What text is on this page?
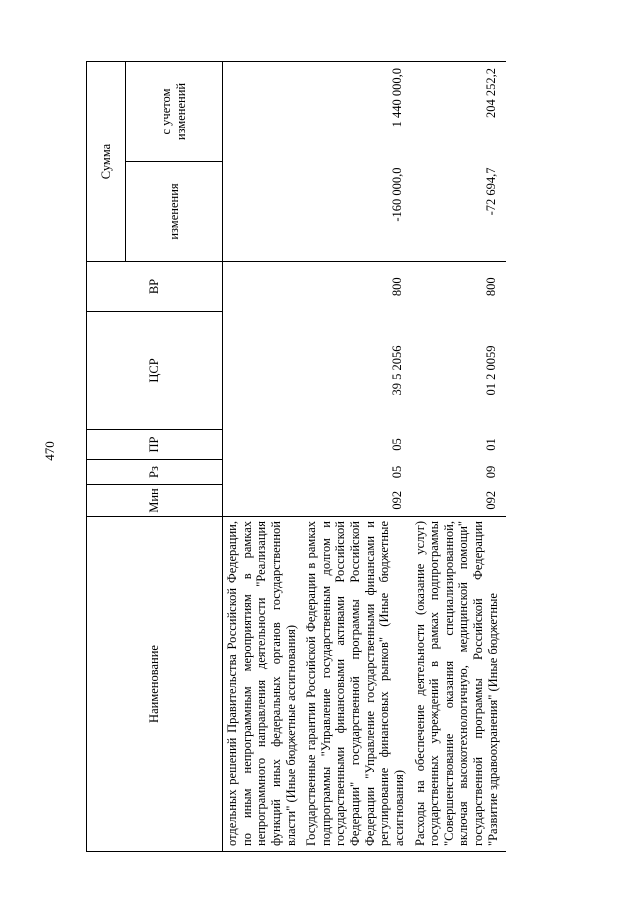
470
Наименование	Мин	Рз	ПР	ЦСР	ВР	Сумма	
						изменения	с учетом изменений
отдельных решений Правительства Российской Федерации, по иным непрограммным мероприятиям в рамках непрограммного направления деятельности "Реализация функций иных федеральных органов государственной власти" (Иные бюджетные ассигнования)							
Государственные гарантии Российской Федерации в рамках подпрограммы "Управление государственным долгом и государственными финансовыми активами Российской Федерации" государственной программы Российской Федерации "Управление государственными финансами и регулирование финансовых рынков" (Иные бюджетные ассигнования)	092	05	05	39 5 2056	800	-160 000,0	1 440 000,0
Расходы на обеспечение деятельности (оказание услуг) государственных учреждений в рамках подпрограммы "Совершенствование оказания специализированной, включая высокотехнологичную, медицинской помощи" государственной программы Российской Федерации "Развитие здравоохранения" (Иные бюджетные	092	09	01	01 2 0059	800	-72 694,7	204 252,2
